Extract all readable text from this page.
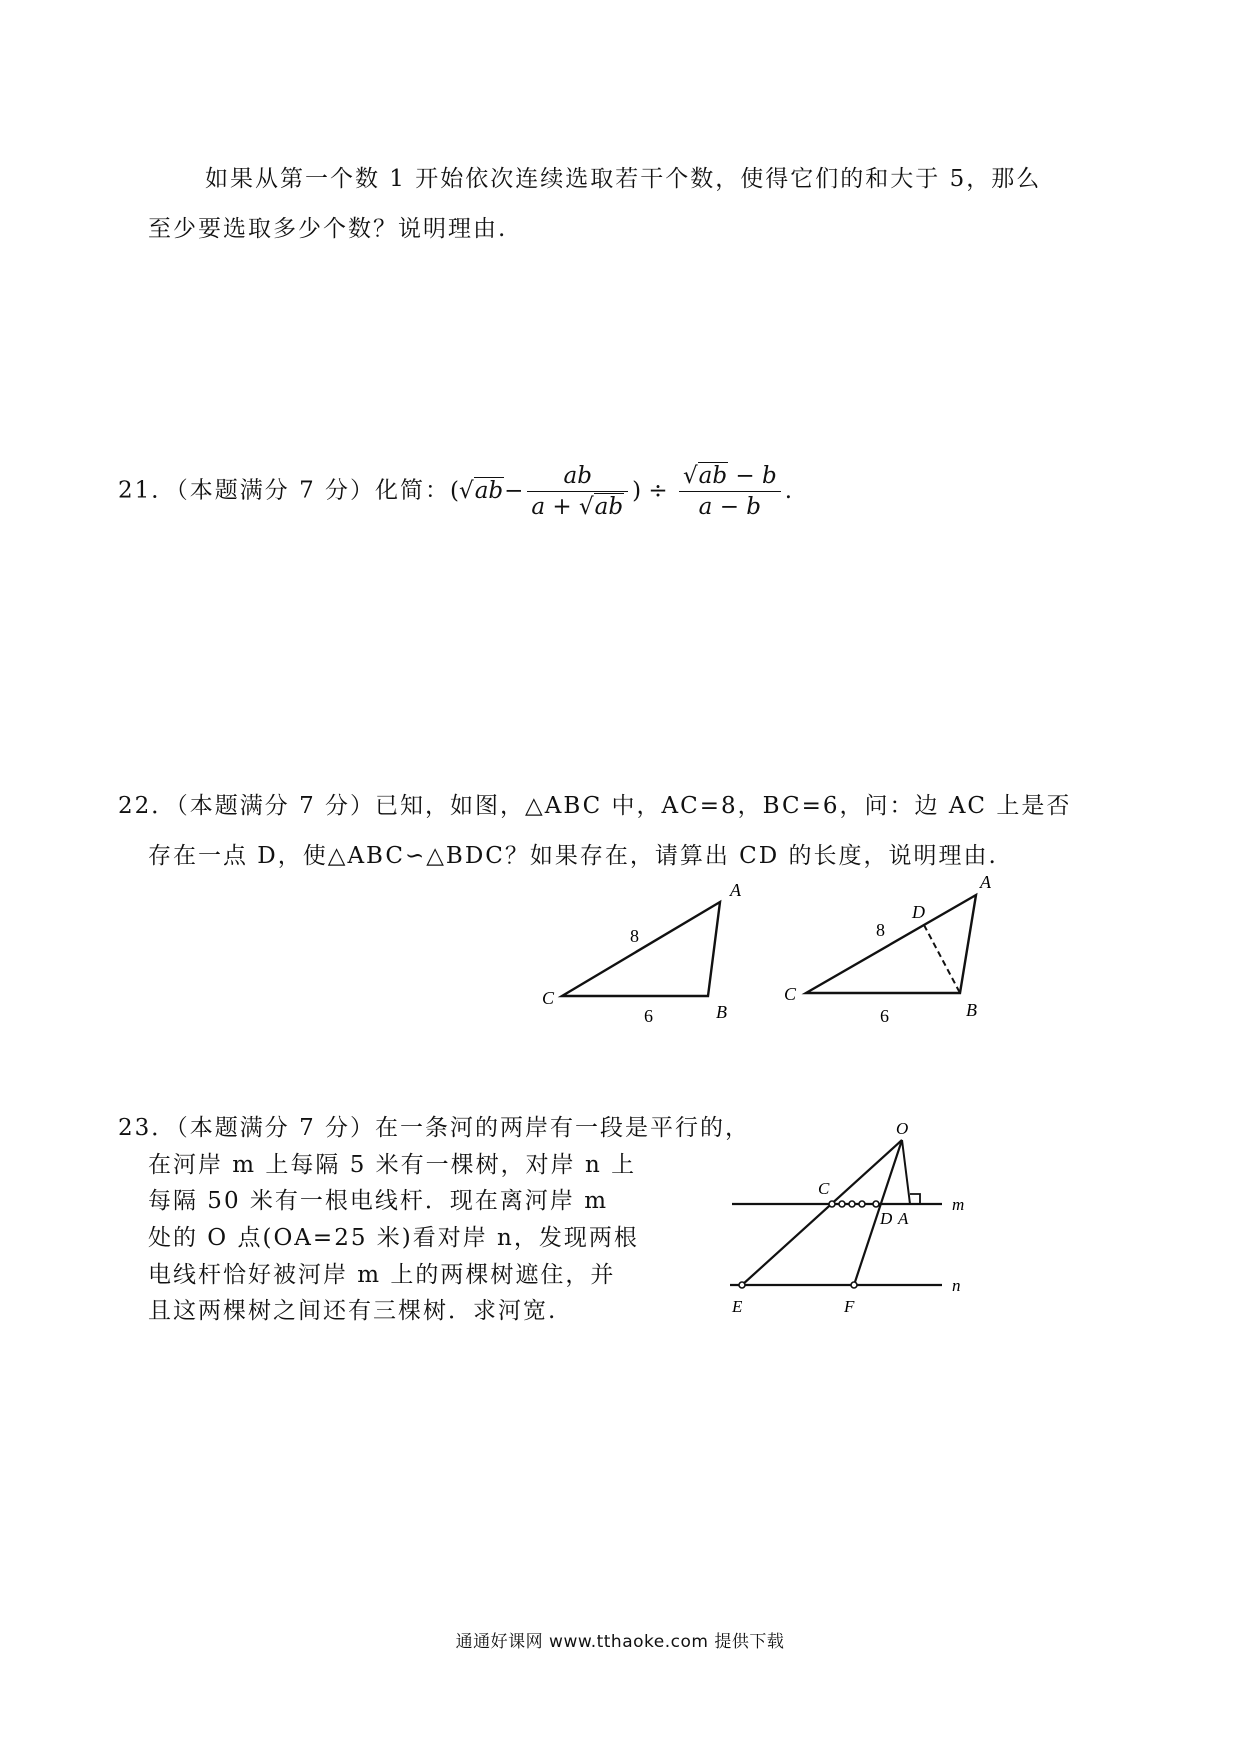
如果从第一个数 1 开始依次连续选取若干个数，使得它们的和大于 5，那么
至少要选取多少个数？说明理由.
21．（本题满分 7 分）化简：($√ab- \frac{ab}{a + √ab}$ ) ÷ $\frac{√ab - b}{a - b}$ .
22．（本题满分 7 分）已知，如图，△ABC 中，AC=8，BC=6，问：边 AC 上是否
存在一点 D，使△ABC∽△BDC？如果存在，请算出 CD 的长度，说明理由.
A
B
C
8
6
A
B
C
D
8
6
23．（本题满分 7 分）在一条河的两岸有一段是平行的，
在河岸 m 上每隔 5 米有一棵树，对岸 n 上
每隔 50 米有一根电线杆．现在离河岸 m
处的 O 点(OA=25 米)看对岸 n，发现两根
电线杆恰好被河岸 m 上的两棵树遮住，并
且这两棵树之间还有三棵树．求河宽.
O
C
D A
m
n
E	F
通通好课网 www.tthaoke.com 提供下载
